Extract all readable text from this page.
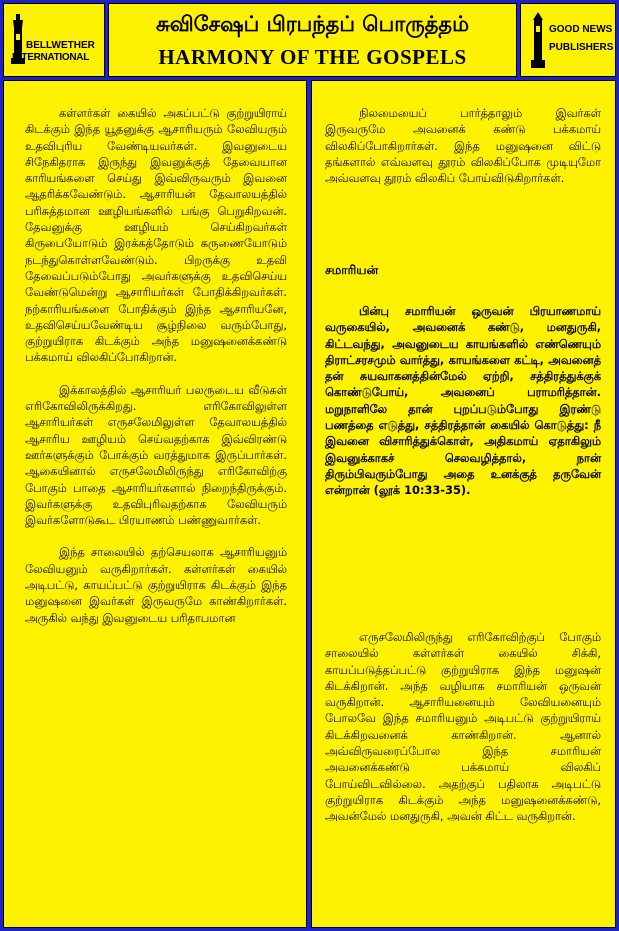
BELLWETHER
INTERNATIONAL
சுவிசேஷப் பிரபந்தப் பொருத்தம்
HARMONY OF THE GOSPELS
GOOD NEWS
PUBLISHERS

கள்ளர்கள் கையில் அகப்பட்டு குற்றுயிராய் கிடக்கும் இந்த யூதனுக்கு ஆசாரியரும் லேவியரும் உதவிபுரிய வேண்டியவர்கள். இவனுடைய சிநேகிதராக இருந்து இவனுக்குத் தேவையான காரியங்களை செய்து இவ்விருவரும் இவனை ஆதரிக்கவேண்டும். ஆசாரியன் தேவாலயத்தில் பரிசுத்தமான ஊழியங்களில் பங்கு பெறுகிறவன். தேவனுக்கு ஊழியம் செய்கிறவர்கள் கிருபையோடும் இரக்கத்தோடும் கருணையோடும் நடந்துகொள்ளவேண்டும். பிறருக்கு உதவி தேவைப்படும்போது அவர்களுக்கு உதவிசெய்ய வேண்டுமென்று ஆசாரியர்கள் போதிக்கிறவர்கள். நற்காரியங்களை போதிக்கும் இந்த ஆசாரியனே, உதவிசெய்யவேண்டிய சூழ்நிலை வரும்போது, குற்றுயிராக கிடக்கும் அந்த மனுஷனைக்கண்டு பக்கமாய் விலகிப்போகிறான்.

இக்காலத்தில் ஆசாரியர் பலருடைய வீடுகள் எரிகோவிலிருக்கிறது. எரிகோவிலுள்ள ஆசாரியர்கள் எருசலேமிலுள்ள தேவாலயத்தில் ஆசாரிய ஊழியம் செய்வதற்காக இவ்விரண்டு ஊர்களுக்கும் போக்கும் வரத்துமாக இருப்பார்கள். ஆகையினால் எருசலேமிலிருந்து எரிகோவிற்கு போகும் பாதை ஆசாரியர்களால் நிறைந்திருக்கும். இவர்களுக்கு உதவிபுரிவதற்காக லேவியரும் இவர்களோடுகூட பிரயாணம் பண்ணுவார்கள்.

இந்த சாலையில் தற்செயலாக ஆசாரியனும் லேவியனும் வருகிறார்கள். கள்ளர்கள் கையில் அடிபட்டு, காயப்பட்டு குற்றுயிராக கிடக்கும் இந்த மனுஷனை இவர்கள் இருவருமே காண்கிறார்கள். அருகில் வந்து இவனுடைய பரிதாபமான

நிலமையைப் பார்த்தாலும் இவர்கள் இருவருமே அவனைக் கண்டு பக்கமாய் விலகிப்போகிறார்கள். இந்த மனுஷனை விட்டு தங்களால் எவ்வளவு தூரம் விலகிப்போக முடியுமோ அவ்வளவு தூரம் விலகிப் போய்விடுகிறார்கள்.

சமாரியன்

பின்பு சமாரியன் ஒருவன் பிரயாணமாய் வருகையில், அவனைக் கண்டு, மனதுருகி, கிட்டவந்து, அவனுடைய காயங்களில் எண்ணெயும் திராட்சரசமும் வார்த்து, காயங்களை கட்டி, அவனைத் தன் சுயவாகனத்தின்மேல் ஏற்றி, சத்திரத்துக்குக் கொண்டுபோய், அவனைப் பராமரித்தான். மறுநாளிலே தான் புறப்படும்போது இரண்டு பணத்தை எடுத்து, சத்திரத்தான் கையில் கொடுத்து: நீ இவனை விசாரித்துக்கொள், அதிகமாய் ஏதாகிலும் இவனுக்காகச் செலவழித்தால், நான் திரும்பிவரும்போது அதை உனக்குத் தருவேன் என்றான் (லூக் 10:33-35).

எருசலேமிலிருந்து எரிகோவிற்குப் போகும் சாலையில் கள்ளர்கள் கையில் சிக்கி, காயப்படுத்தப்பட்டு குற்றுயிராக இந்த மனுஷன் கிடக்கிறான். அந்த வழியாக சமாரியன் ஒருவன் வருகிறான். ஆசாரியனையும் லேவியனையும் போலவே இந்த சமாரியனும் அடிபட்டு குற்றுயிராய் கிடக்கிறவனைக் காண்கிறான். ஆனால் அவ்விருவரைப்போல இந்த சமாரியன் அவனைக்கண்டு பக்கமாய் விலகிப் போய்விடவில்லை. அதற்குப் பதிலாக அடிபட்டு குற்றுயிராக கிடக்கும் அந்த மனுஷனைக்கண்டு, அவன்மேல் மனதுருகி, அவன் கிட்ட வருகிறான்.
